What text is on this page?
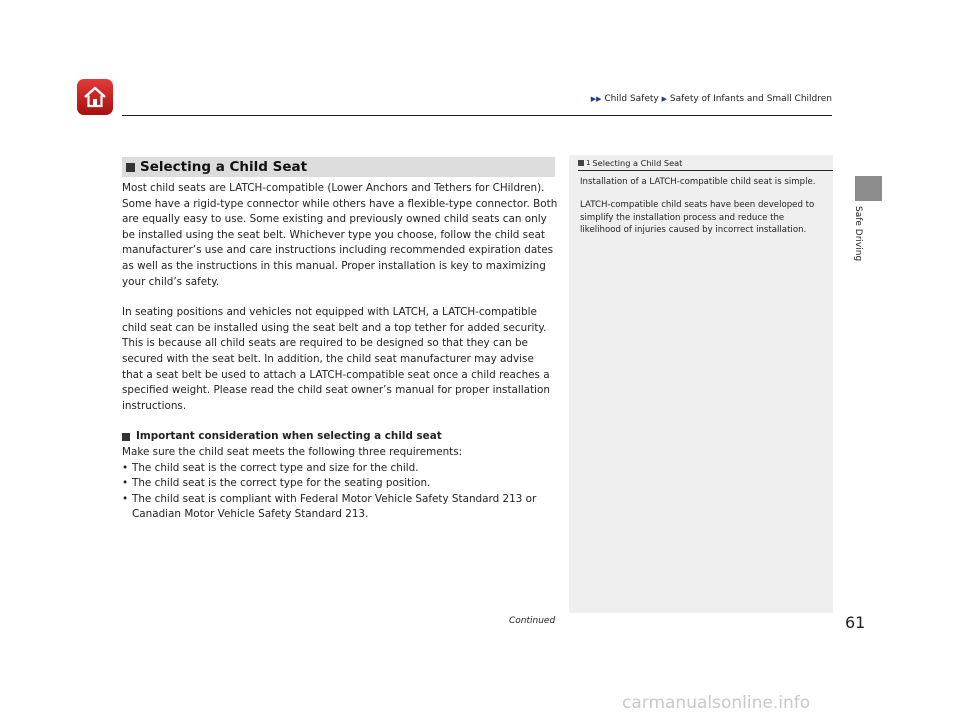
▶▶ Child Safety ▶ Safety of Infants and Small Children
Selecting a Child Seat

Most child seats are LATCH-compatible (Lower Anchors and Tethers for CHildren). Some have a rigid-type connector while others have a flexible-type connector. Both are equally easy to use. Some existing and previously owned child seats can only be installed using the seat belt. Whichever type you choose, follow the child seat manufacturer’s use and care instructions including recommended expiration dates as well as the instructions in this manual. Proper installation is key to maximizing your child’s safety.

In seating positions and vehicles not equipped with LATCH, a LATCH-compatible child seat can be installed using the seat belt and a top tether for added security. This is because all child seats are required to be designed so that they can be secured with the seat belt. In addition, the child seat manufacturer may advise that a seat belt be used to attach a LATCH-compatible seat once a child reaches a specified weight. Please read the child seat owner’s manual for proper installation instructions.

Important consideration when selecting a child seat

Make sure the child seat meets the following three requirements:

• The child seat is the correct type and size for the child.
• The child seat is the correct type for the seating position.
• The child seat is compliant with Federal Motor Vehicle Safety Standard 213 or Canadian Motor Vehicle Safety Standard 213.
1 Selecting a Child Seat

Installation of a LATCH-compatible child seat is simple.

LATCH-compatible child seats have been developed to simplify the installation process and reduce the likelihood of injuries caused by incorrect installation.	Safe Driving
Continued	61
carmanualsonline.info
